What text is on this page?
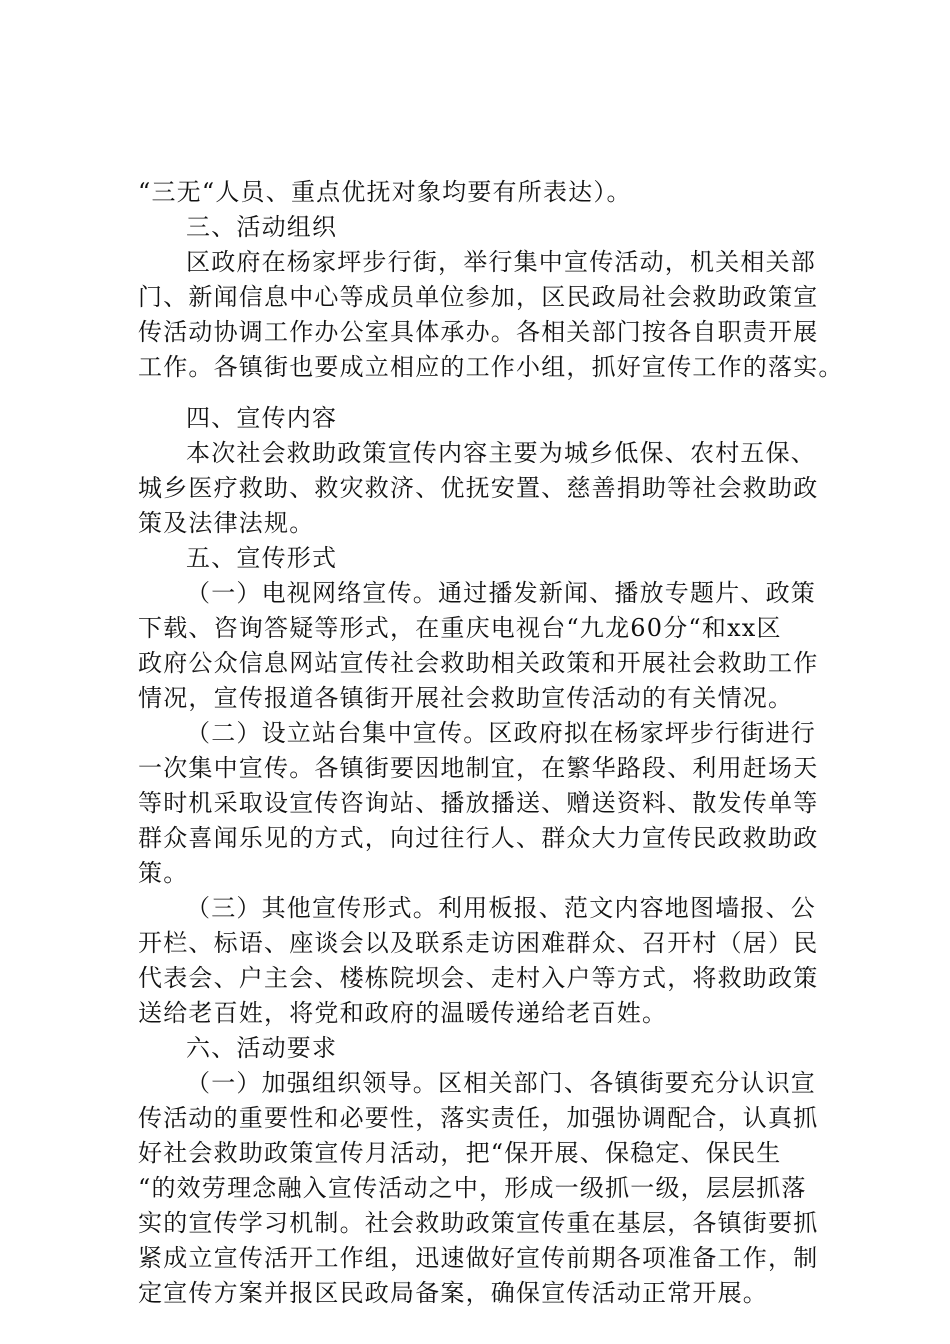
“三无“人员、重点优抚对象均要有所表达）。
三、活动组织
区政府在杨家坪步行街，举行集中宣传活动，机关相关部
门、新闻信息中心等成员单位参加，区民政局社会救助政策宣
传活动协调工作办公室具体承办。各相关部门按各自职责开展
工作。各镇街也要成立相应的工作小组，抓好宣传工作的落实。
四、宣传内容
本次社会救助政策宣传内容主要为城乡低保、农村五保、
城乡医疗救助、救灾救济、优抚安置、慈善捐助等社会救助政
策及法律法规。
五、宣传形式
（一）电视网络宣传。通过播发新闻、播放专题片、政策
下载、咨询答疑等形式，在重庆电视台“九龙60分“和xx区
政府公众信息网站宣传社会救助相关政策和开展社会救助工作
情况，宣传报道各镇街开展社会救助宣传活动的有关情况。
（二）设立站台集中宣传。区政府拟在杨家坪步行街进行
一次集中宣传。各镇街要因地制宜，在繁华路段、利用赶场天
等时机采取设宣传咨询站、播放播送、赠送资料、散发传单等
群众喜闻乐见的方式，向过往行人、群众大力宣传民政救助政
策。
（三）其他宣传形式。利用板报、范文内容地图墙报、公
开栏、标语、座谈会以及联系走访困难群众、召开村（居）民
代表会、户主会、楼栋院坝会、走村入户等方式，将救助政策
送给老百姓，将党和政府的温暖传递给老百姓。
六、活动要求
（一）加强组织领导。区相关部门、各镇街要充分认识宣
传活动的重要性和必要性，落实责任，加强协调配合，认真抓
好社会救助政策宣传月活动，把“保开展、保稳定、保民生
“的效劳理念融入宣传活动之中，形成一级抓一级，层层抓落
实的宣传学习机制。社会救助政策宣传重在基层，各镇街要抓
紧成立宣传活开工作组，迅速做好宣传前期各项准备工作，制
定宣传方案并报区民政局备案，确保宣传活动正常开展。
